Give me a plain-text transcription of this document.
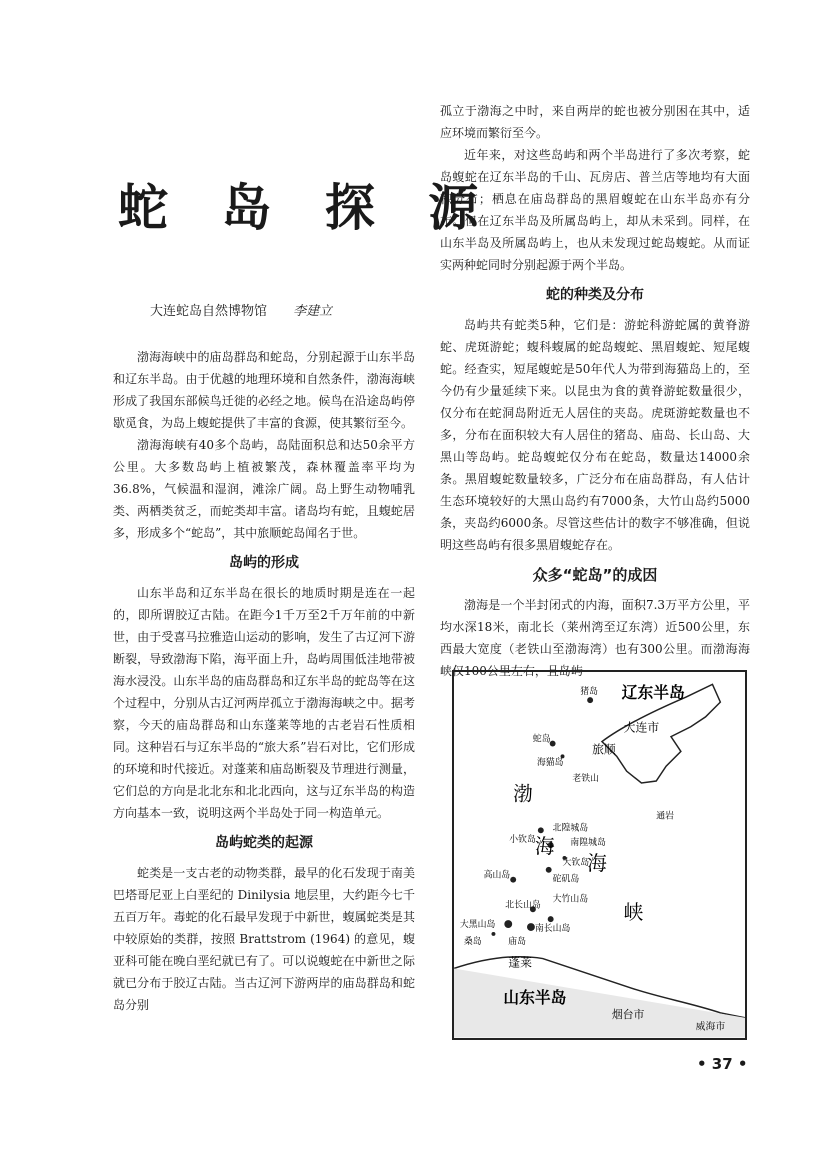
蛇 岛 探 源
大连蛇岛自然博物馆 李建立

渤海海峡中的庙岛群岛和蛇岛，分别起源于山东半岛和辽东半岛。由于优越的地理环境和自然条件，渤海海峡形成了我国东部候鸟迁徙的必经之地。候鸟在沿途岛屿停歇觅食，为岛上蝮蛇提供了丰富的食源，使其繁衍至今。

渤海海峡有40多个岛屿，岛陆面积总和达50余平方公里。大多数岛屿上植被繁茂，森林覆盖率平均为36.8%，气候温和湿润，滩涂广阔。岛上野生动物哺乳类、两栖类贫乏，而蛇类却丰富。诸岛均有蛇，且蝮蛇居多，形成多个“蛇岛”，其中旅顺蛇岛闻名于世。

岛屿的形成

山东半岛和辽东半岛在很长的地质时期是连在一起的，即所谓胶辽古陆。在距今1千万至2千万年前的中新世，由于受喜马拉雅造山运动的影响，发生了古辽河下游断裂，导致渤海下陷，海平面上升，岛屿周围低洼地带被海水浸没。山东半岛的庙岛群岛和辽东半岛的蛇岛等在这个过程中，分别从古辽河两岸孤立于渤海海峡之中。据考察，今天的庙岛群岛和山东蓬莱等地的古老岩石性质相同。这种岩石与辽东半岛的“旅大系”岩石对比，它们形成的环境和时代接近。对蓬莱和庙岛断裂及节理进行测量，它们总的方向是北北东和北北西向，这与辽东半岛的构造方向基本一致，说明这两个半岛处于同一构造单元。

岛屿蛇类的起源

蛇类是一支古老的动物类群，最早的化石发现于南美巴塔哥尼亚上白垩纪的 Dinilysia 地层里，大约距今七千五百万年。毒蛇的化石最早发现于中新世，蝮属蛇类是其中较原始的类群，按照 Brattstrom (1964) 的意见，蝮亚科可能在晚白垩纪就已有了。可以说蝮蛇在中新世之际就已分布于胶辽古陆。当古辽河下游两岸的庙岛群岛和蛇岛分别

孤立于渤海之中时，来自两岸的蛇也被分别困在其中，适应环境而繁衍至今。

近年来，对这些岛屿和两个半岛进行了多次考察，蛇岛蝮蛇在辽东半岛的千山、瓦房店、普兰店等地均有大面积分布；栖息在庙岛群岛的黑眉蝮蛇在山东半岛亦有分布。但在辽东半岛及所属岛屿上，却从未采到。同样，在山东半岛及所属岛屿上，也从未发现过蛇岛蝮蛇。从而证实两种蛇同时分别起源于两个半岛。

蛇的种类及分布

岛屿共有蛇类5种，它们是：游蛇科游蛇属的黄脊游蛇、虎斑游蛇；蝮科蝮属的蛇岛蝮蛇、黑眉蝮蛇、短尾蝮蛇。经查实，短尾蝮蛇是50年代人为带到海猫岛上的，至今仍有少量延续下来。以昆虫为食的黄脊游蛇数量很少，仅分布在蛇洞岛附近无人居住的夹岛。虎斑游蛇数量也不多，分布在面积较大有人居住的猪岛、庙岛、长山岛、大黑山等岛屿。蛇岛蝮蛇仅分布在蛇岛，数量达14000余条。黑眉蝮蛇数量较多，广泛分布在庙岛群岛，有人估计生态环境较好的大黑山岛约有7000条，大竹山岛约5000条，夹岛约6000条。尽管这些估计的数字不够准确，但说明这些岛屿有很多黑眉蝮蛇存在。

众多“蛇岛”的成因

渤海是一个半封闭式的内海，面积7.3万平方公里，平均水深18米，南北长（莱州湾至辽东湾）近500公里，东西最大宽度（老铁山至渤海湾）也有300公里。而渤海海峡仅100公里左右，且岛屿

辽东半岛
大连市
旅顺
猪岛
蛇岛
海猫岛
老铁山
渤
海
海
峡
北隍城岛
小钦岛	南隍城岛
大钦岛
砣矶岛
高山岛
通岩
北长山岛
大竹山岛
大黑山岛	南长山岛
桑岛	庙岛
蓬莱
山东半岛
烟台市
威海市
• 37 •
